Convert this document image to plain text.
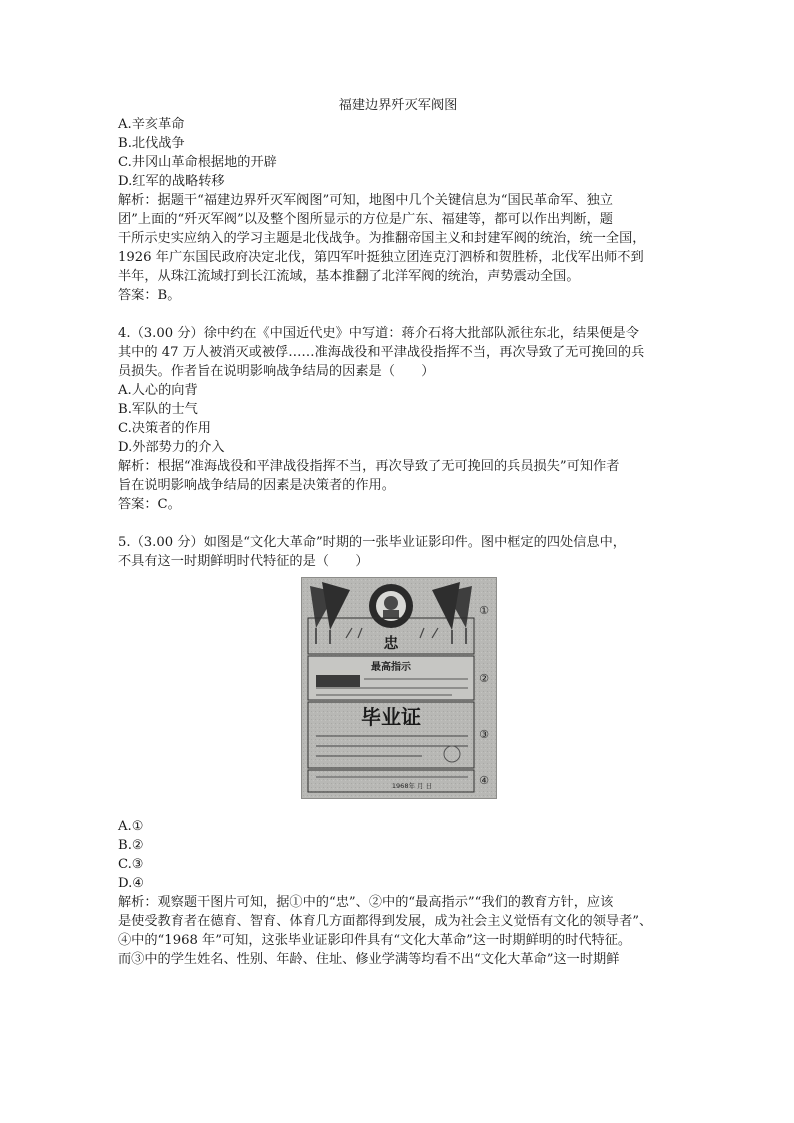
福建边界歼灭军阀图
A.辛亥革命
B.北伐战争
C.井冈山革命根据地的开辟
D.红军的战略转移
解析：据题干“福建边界歼灭军阀图”可知，地图中几个关键信息为“国民革命军、独立
团”上面的“歼灭军阀”以及整个图所显示的方位是广东、福建等，都可以作出判断，题
干所示史实应纳入的学习主题是北伐战争。为推翻帝国主义和封建军阀的统治，统一全国，
1926 年广东国民政府决定北伐，第四军叶挺独立团连克汀泗桥和贺胜桥，北伐军出师不到
半年，从珠江流域打到长江流域，基本推翻了北洋军阀的统治，声势震动全国。
答案：B。
4.（3.00 分）徐中约在《中国近代史》中写道：蒋介石将大批部队派往东北，结果便是令
其中的 47 万人被消灭或被俘……准海战役和平津战役指挥不当，再次导致了无可挽回的兵
员损失。作者旨在说明影响战争结局的因素是（　　）
A.人心的向背
B.军队的士气
C.决策者的作用
D.外部势力的介入
解析：根据“准海战役和平津战役指挥不当，再次导致了无可挽回的兵员损失”可知作者
旨在说明影响战争结局的因素是决策者的作用。
答案：C。
5.（3.00 分）如图是“文化大革命”时期的一张毕业证影印件。图中框定的四处信息中，
不具有这一时期鲜明时代特征的是（　　）
忠
最高指示
毕业证
1968年 月 日
①
②
③
④
A.①
B.②
C.③
D.④
解析：观察题干图片可知，据①中的“忠”、②中的“最高指示”“我们的教育方针，应该
是使受教育者在德育、智育、体育几方面都得到发展，成为社会主义觉悟有文化的领导者”、
④中的“1968 年”可知，这张毕业证影印件具有“文化大革命”这一时期鲜明的时代特征。
而③中的学生姓名、性别、年龄、住址、修业学满等均看不出“文化大革命”这一时期鲜
